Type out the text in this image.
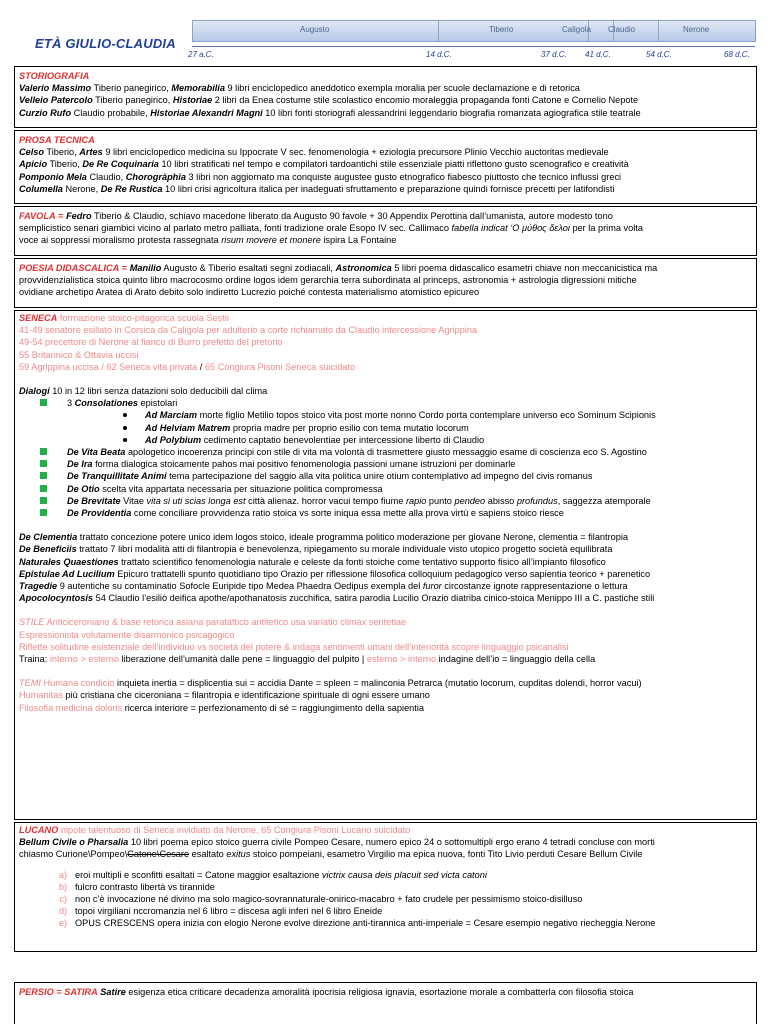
ETÀ GIULIO-CLAUDIA
Augusto	Tiberio	Caligola Claudio	Nerone
27 a.C.	14 d.C.	37 d.C. 41 d.C.	54 d.C.	68 d.C.
STORIOGRAFIA
Valerio Massimo Tiberio panegirico, Memorabilia 9 libri enciclopedico aneddotico exempla moralia per scuole declamazione e di retorica
Velleio Patercolo Tiberio panegirico, Historiae 2 libri da Enea costume stile scolastico encomio moraleggia propaganda fonti Catone e Cornelio Nepote
Curzio Rufo Claudio probabile, Historiae Alexandri Magni 10 libri fonti storiografi alessandrini leggendario biografia romanzata agiografica stile teatrale
PROSA TECNICA
Celso Tiberio, Artes 9 libri enciclopedico medicina su Ippocrate V sec. fenomenologia + eziologia precursore Plinio Vecchio auctoritas medievale
Apicio Tiberio, De Re Coquinaria 10 libri stratificati nel tempo e compilatori tardoantichi stile essenziale piatti riflettono gusto scenografico e creatività
Pomponio Mela Claudio, Chorogràphia 3 libri non aggiornato ma conquiste augustee gusto etnografico fiabesco piuttosto che tecnico influssi greci
Columella Nerone, De Re Rustica 10 libri crisi agricoltura italica per inadeguati sfruttamento e preparazione quindi fornisce precetti per latifondisti
FAVOLA = Fedro Tiberio & Claudio, schiavo macedone liberato da Augusto 90 favole + 30 Appendix Perottina dall’umanista, autore modesto tono
semplicistico senari giambici vicino al parlato metro palliata, fonti tradizione orale Esopo IV sec. Callimaco fabella indicat ‘O μύθος δελοι per la prima volta
voce ai soppressi moralismo protesta rassegnata risum movere et monere ispira La Fontaine
POESIA DIDASCALICA = Manilio Augusto & Tiberio esaltati segni zodiacali, Astronomica 5 libri poema didascalico esametri chiave non meccanicistica ma
provvidenzialistica stoica quinto libro macrocosmo ordine logos idem gerarchia terra subordinata al princeps, astronomia + astrologia digressioni mitiche
ovidiane archetipo Aratea di Arato debito solo indiretto Lucrezio poiché contesta materialismo atomistico epicureo
SENECA formazione stoico-pitagorica scuola Sestii
41-49 senatore esiliato in Corsica da Caligola per adulterio a corte richiamato da Claudio intercessione Agrippina
49-54 precettore di Nerone al fianco di Burro prefetto del pretorio
55 Britannico & Ottavia uccisi
59 Agrippina uccisa / 62 Seneca vita privata / 65 Congiura Pisoni Seneca suicidato
Dialogi 10 in 12 libri senza datazioni solo deducibili dal clima
3 Consolationes epistolari
Ad Marciam morte figlio Metilio topos stoico vita post morte nonno Cordo porta contemplare universo eco Sominum Scipionis
Ad Helviam Matrem propria madre per proprio esilio con tema mutatio locorum
Ad Polybium cedimento captatio benevolentiae per intercessione liberto di Claudio
De Vita Beata apologetico incoerenza principi con stile di vita ma volontà di trasmettere giusto messaggio esame di coscienza eco S. Agostino
De Ira forma dialogica stoicamente pahos mai positivo fenomenologia passioni umane istruzioni per dominarle
De Tranquillitate Animi tema partecipazione del saggio alla vita politica unire otium contemplativo ad impegno del civis romanus
De Otio scelta vita appartata necessaria per situazione politica compromessa
De Brevitate Vitae vita si uti scias longa est città alienaz. horror vacui tempo fiume rapio punto pendeo abisso profundus, saggezza atemporale
De Providentia come conciliare provvidenza ratio stoica vs sorte iniqua essa mette alla prova virtù e sapiens stoico riesce
De Clementia trattato concezione potere unico idem logos stoico, ideale programma politico moderazione per giovane Nerone, clementia = filantropia
De Beneficiis trattato 7 libri modalità atti di filantropia e benevolenza, ripiegamento su morale individuale visto utopico progetto società equilibrata
Naturales Quaestiones trattato scientifico fenomenologia naturale e celeste da fonti stoiche come tentativo supporto fisico all’impianto filosofico
Epistulae Ad Lucilium Epicuro trattatelli spunto quotidiano tipo Orazio per riflessione filosofica colloquium pedagogico verso sapientia teorico + parenetico
Tragedie 9 autentiche su contaminatio Sofocle Euripide tipo Medea Phaedra Oedipus exempla del furor circostanze ignote rappresentazione o lettura
Apocolocyntosis 54 Claudio l’esiliò deifica apothe/apothanatosis zucchifica, satira parodia Lucilio Orazio diatriba cinico-stoica Menippo III a C. pastiche stili
STILE Anticiceroniano & base retorica asiana paratattico antitetico usa variatio climax sentetiae
Espressionista volutamente disarmonico psicagogico
Riflette solitudine esistenziale dell’individuo vs società del potere & indaga sentimenti umani dell’interiorità scopre linguaggio psicanalisi
Traina: interno > esterno liberazione dell’umanità dalle pene = linguaggio del pulpito | esterno > interno indagine dell’io = linguaggio della cella
TEMI Humana condicio inquieta inertia = displicentia sui = accidia Dante = spleen = malinconia Petrarca (mutatio locorum, cupditas dolendi, horror vacui)
Humanitas più cristiana che ciceroniana = filantropia e identificazione spirituale di ogni essere umano
Filosofia medicina doloris ricerca interiore = perfezionamento di sé = raggiungimento della sapientia
LUCANO nipote talentuoso di Seneca invidiato da Nerone, 65 Congiura Pisoni Lucano suicidato
Bellum Civile o Pharsalia 10 libri poema epico stoico guerra civile Pompeo Cesare, numero epico 24 o sottomultipli ergo erano 4 tetradi concluse con morti
chiasmo Curione\Pompeo\Catone\Cesare esaltato exitus stoico pompeiani, esametro Virgilio ma epica nuova, fonti Tito Livio perduti Cesare Bellum Civile
a) eroi multipli e sconfitti esaltati = Catone maggior esaltazione victrix causa deis placuit sed victa catoni
b) fulcro contrasto libertà vs tirannide
c) non c’è invocazione né divino ma solo magico-sovrannaturale-onirico-macabro + fato crudele per pessimismo stoico-disilluso
d) topoi virgiliani nccromanzia nel 6 libro = discesa agli inferi nel 6 libro Eneide
e) OPUS CRESCENS opera inizia con elogio Nerone evolve direzione anti-tirannica anti-imperiale = Cesare esempio negativo riecheggia Nerone
PERSIO = SATIRA Satire esigenza etica criticare decadenza amoralità ipocrisia religiosa ignavia, esortazione morale a combatterla con filosofia stoica
